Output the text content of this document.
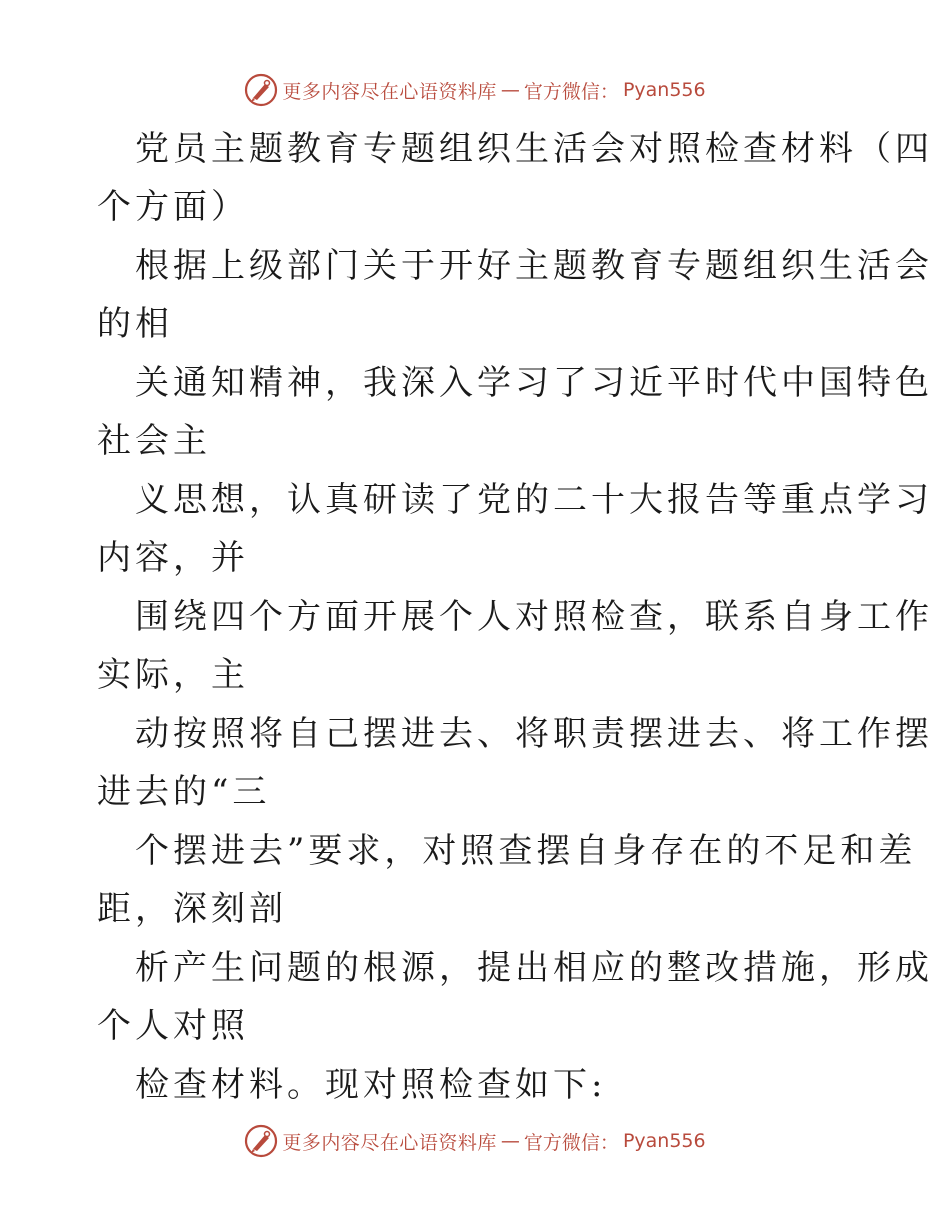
更多内容尽在心语资料库 — 官方微信： Pyan556
党员主题教育专题组织生活会对照检查材料（四
个方面）
根据上级部门关于开好主题教育专题组织生活会
的相
关通知精神，我深入学习了习近平时代中国特色
社会主
义思想，认真研读了党的二十大报告等重点学习
内容，并
围绕四个方面开展个人对照检查，联系自身工作
实际，主
动按照将自己摆进去、将职责摆进去、将工作摆
进去的“三
个摆进去”要求，对照查摆自身存在的不足和差
距，深刻剖
析产生问题的根源，提出相应的整改措施，形成
个人对照
检查材料。现对照检查如下:
更多内容尽在心语资料库 — 官方微信： Pyan556
